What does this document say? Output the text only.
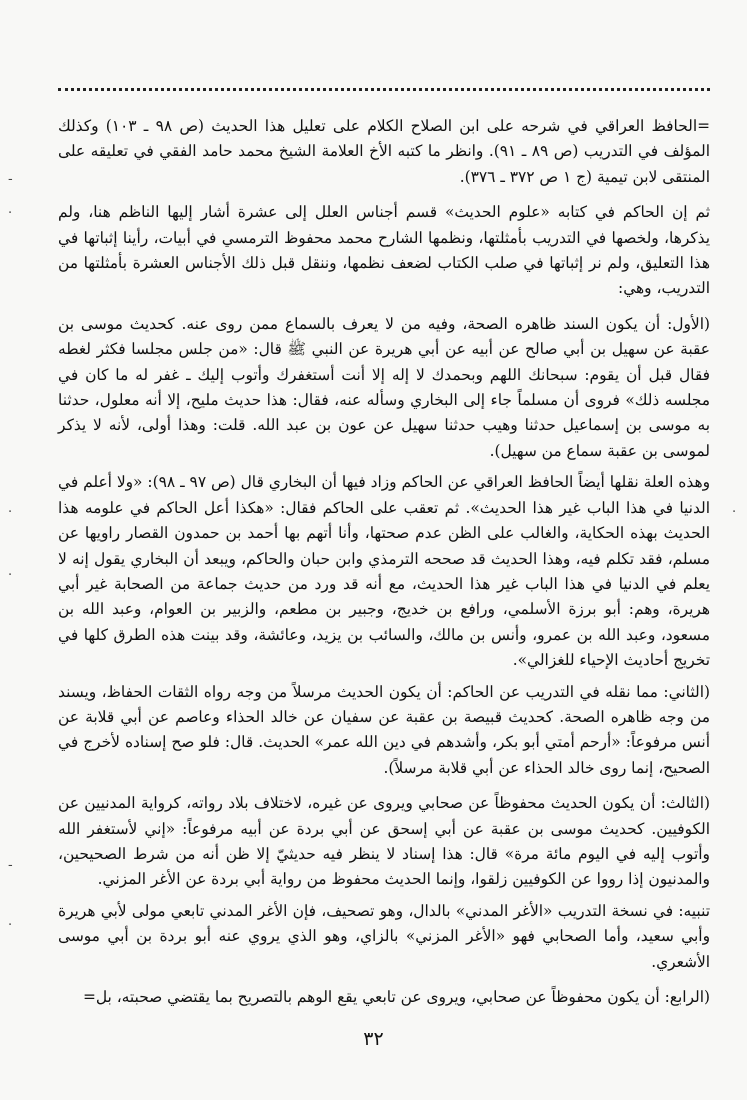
=الحافظ العراقي في شرحه على ابن الصلاح الكلام على تعليل هذا الحديث (ص ٩٨ ـ ١٠٣) وكذلك المؤلف في التدريب (ص ٨٩ ـ ٩١). وانظر ما كتبه الأخ العلامة الشيخ محمد حامد الفقي في تعليقه على المنتقى لابن تيمية (ج ١ ص ٣٧٢ ـ ٣٧٦).

ثم إن الحاكم في كتابه «علوم الحديث» قسم أجناس العلل إلى عشرة أشار إليها الناظم هنا، ولم يذكرها، ولخصها في التدريب بأمثلتها، ونظمها الشارح محمد محفوظ الترمسي في أبيات، رأينا إثباتها في هذا التعليق، ولم نر إثباتها في صلب الكتاب لضعف نظمها، وننقل قبل ذلك الأجناس العشرة بأمثلتها من التدريب، وهي:

(الأول: أن يكون السند ظاهره الصحة، وفيه من لا يعرف بالسماع ممن روى عنه. كحديث موسى بن عقبة عن سهيل بن أبي صالح عن أبيه عن أبي هريرة عن النبي ﷺ قال: «من جلس مجلسا فكثر لغطه فقال قبل أن يقوم: سبحانك اللهم وبحمدك لا إله إلا أنت أستغفرك وأتوب إليك ـ غفر له ما كان في مجلسه ذلك» فروى أن مسلماً جاء إلى البخاري وسأله عنه، فقال: هذا حديث مليح، إلا أنه معلول، حدثنا به موسى بن إسماعيل حدثنا وهيب حدثنا سهيل عن عون بن عبد الله. قلت: وهذا أولى، لأنه لا يذكر لموسى بن عقبة سماع من سهيل).

وهذه العلة نقلها أيضاً الحافظ العراقي عن الحاكم وزاد فيها أن البخاري قال (ص ٩٧ ـ ٩٨): «ولا أعلم في الدنيا في هذا الباب غير هذا الحديث». ثم تعقب على الحاكم فقال: «هكذا أعل الحاكم في علومه هذا الحديث بهذه الحكاية، والغالب على الظن عدم صحتها، وأنا أتهم بها أحمد بن حمدون القصار راويها عن مسلم، فقد تكلم فيه، وهذا الحديث قد صححه الترمذي وابن حبان والحاكم، ويبعد أن البخاري يقول إنه لا يعلم في الدنيا في هذا الباب غير هذا الحديث، مع أنه قد ورد من حديث جماعة من الصحابة غير أبي هريرة، وهم: أبو برزة الأسلمي، ورافع بن خديج، وجبير بن مطعم، والزبير بن العوام، وعبد الله بن مسعود، وعبد الله بن عمرو، وأنس بن مالك، والسائب بن يزيد، وعائشة، وقد بينت هذه الطرق كلها في تخريج أحاديث الإحياء للغزالي».

(الثاني: مما نقله في التدريب عن الحاكم: أن يكون الحديث مرسلاً من وجه رواه الثقات الحفاظ، ويسند من وجه ظاهره الصحة. كحديث قبيصة بن عقبة عن سفيان عن خالد الحذاء وعاصم عن أبي قلابة عن أنس مرفوعاً: «أرحم أمتي أبو بكر، وأشدهم في دين الله عمر» الحديث. قال: فلو صح إسناده لأخرج في الصحيح، إنما روى خالد الحذاء عن أبي قلابة مرسلاً).

(الثالث: أن يكون الحديث محفوظاً عن صحابي ويروى عن غيره، لاختلاف بلاد رواته، كرواية المدنيين عن الكوفيين. كحديث موسى بن عقبة عن أبي إسحق عن أبي بردة عن أبيه مرفوعاً: «إني لأستغفر الله وأتوب إليه في اليوم مائة مرة» قال: هذا إسناد لا ينظر فيه حديثيّ إلا ظن أنه من شرط الصحيحين، والمدنيون إذا رووا عن الكوفيين زلقوا، وإنما الحديث محفوظ من رواية أبي بردة عن الأغر المزني.

تنبيه: في نسخة التدريب «الأغر المدني» بالدال، وهو تصحيف، فإن الأغر المدني تابعي مولى لأبي هريرة وأبي سعيد، وأما الصحابي فهو «الأغر المزني» بالزاي، وهو الذي يروي عنه أبو بردة بن أبي موسى الأشعري.

(الرابع: أن يكون محفوظاً عن صحابي، ويروى عن تابعي يقع الوهم بالتصريح بما يقتضي صحبته، بل=

٣٢
-
·
·
·
·
-
·
